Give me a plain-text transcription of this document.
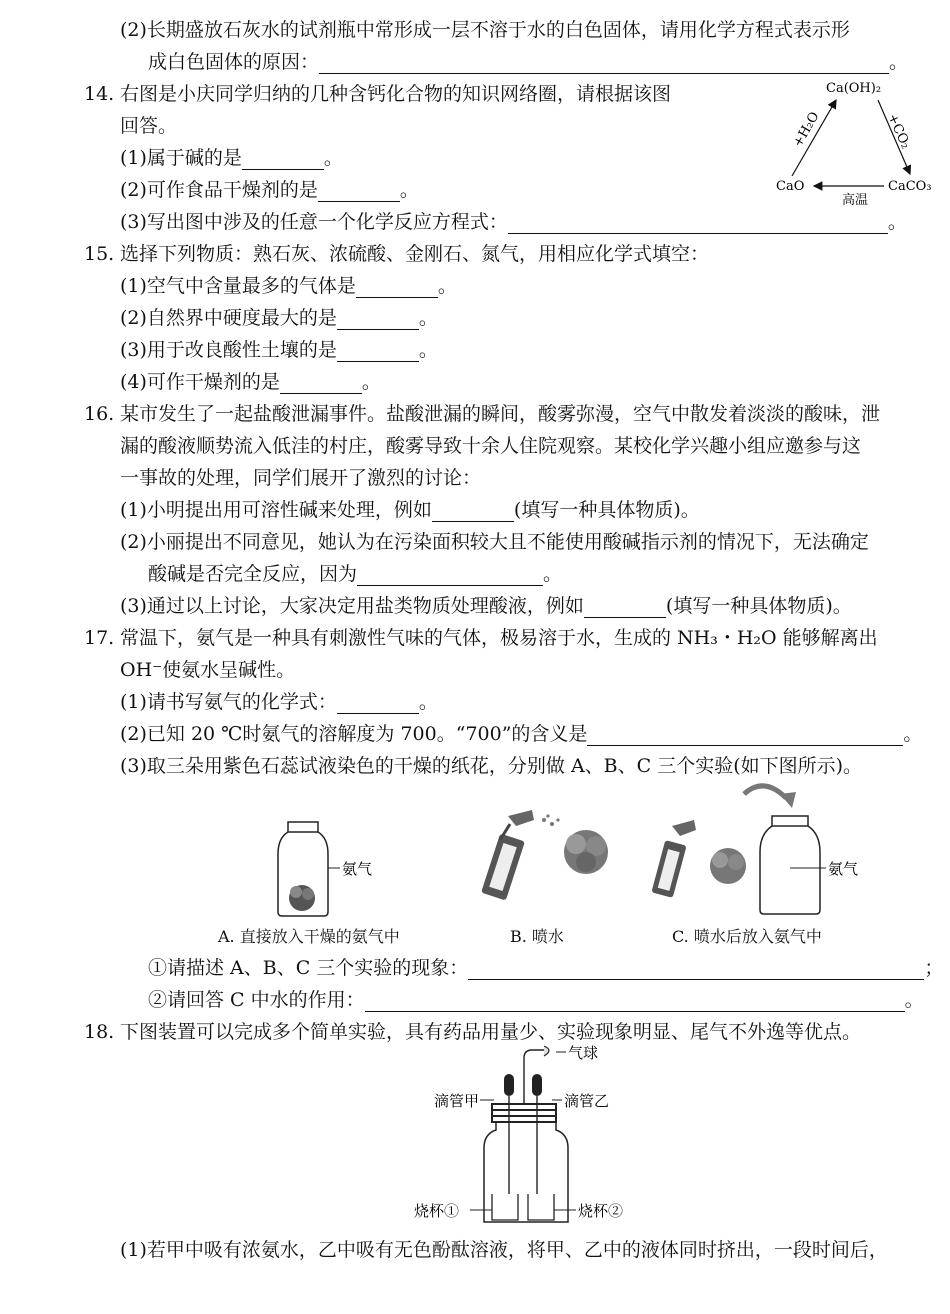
(2)长期盛放石灰水的试剂瓶中常形成一层不溶于水的白色固体，请用化学方程式表示形
成白色固体的原因：	。
14. 右图是小庆同学归纳的几种含钙化合物的知识网络圈，请根据该图
回答。
(1)属于碱的是	。
(2)可作食品干燥剂的是	。
(3)写出图中涉及的任意一个化学反应方程式：	。
Ca(OH)₂
CaO	CaCO₃
+H₂O	+CO₂
高温
15. 选择下列物质：熟石灰、浓硫酸、金刚石、氮气，用相应化学式填空：
(1)空气中含量最多的气体是	。
(2)自然界中硬度最大的是	。
(3)用于改良酸性土壤的是	。
(4)可作干燥剂的是	。
16. 某市发生了一起盐酸泄漏事件。盐酸泄漏的瞬间，酸雾弥漫，空气中散发着淡淡的酸味，泄
漏的酸液顺势流入低洼的村庄，酸雾导致十余人住院观察。某校化学兴趣小组应邀参与这
一事故的处理，同学们展开了激烈的讨论：
(1)小明提出用可溶性碱来处理，例如	(填写一种具体物质)。
(2)小丽提出不同意见，她认为在污染面积较大且不能使用酸碱指示剂的情况下，无法确定
酸碱是否完全反应，因为	。
(3)通过以上讨论，大家决定用盐类物质处理酸液，例如	(填写一种具体物质)。
17. 常温下，氨气是一种具有刺激性气味的气体，极易溶于水，生成的 NH₃・H₂O 能够解离出
OH⁻使氨水呈碱性。
(1)请书写氨气的化学式：	。
(2)已知 20 ℃时氨气的溶解度为 700。“700”的含义是	。
(3)取三朵用紫色石蕊试液染色的干燥的纸花，分别做 A、B、C 三个实验(如下图所示)。
氨气	氨气
A. 直接放入干燥的氨气中	B. 喷水	C. 喷水后放入氨气中
①请描述 A、B、C 三个实验的现象：	；
②请回答 C 中水的作用：	。
18. 下图装置可以完成多个简单实验，具有药品用量少、实验现象明显、尾气不外逸等优点。
气球
滴管甲	滴管乙
烧杯①	烧杯②
(1)若甲中吸有浓氨水，乙中吸有无色酚酞溶液，将甲、乙中的液体同时挤出，一段时间后，
